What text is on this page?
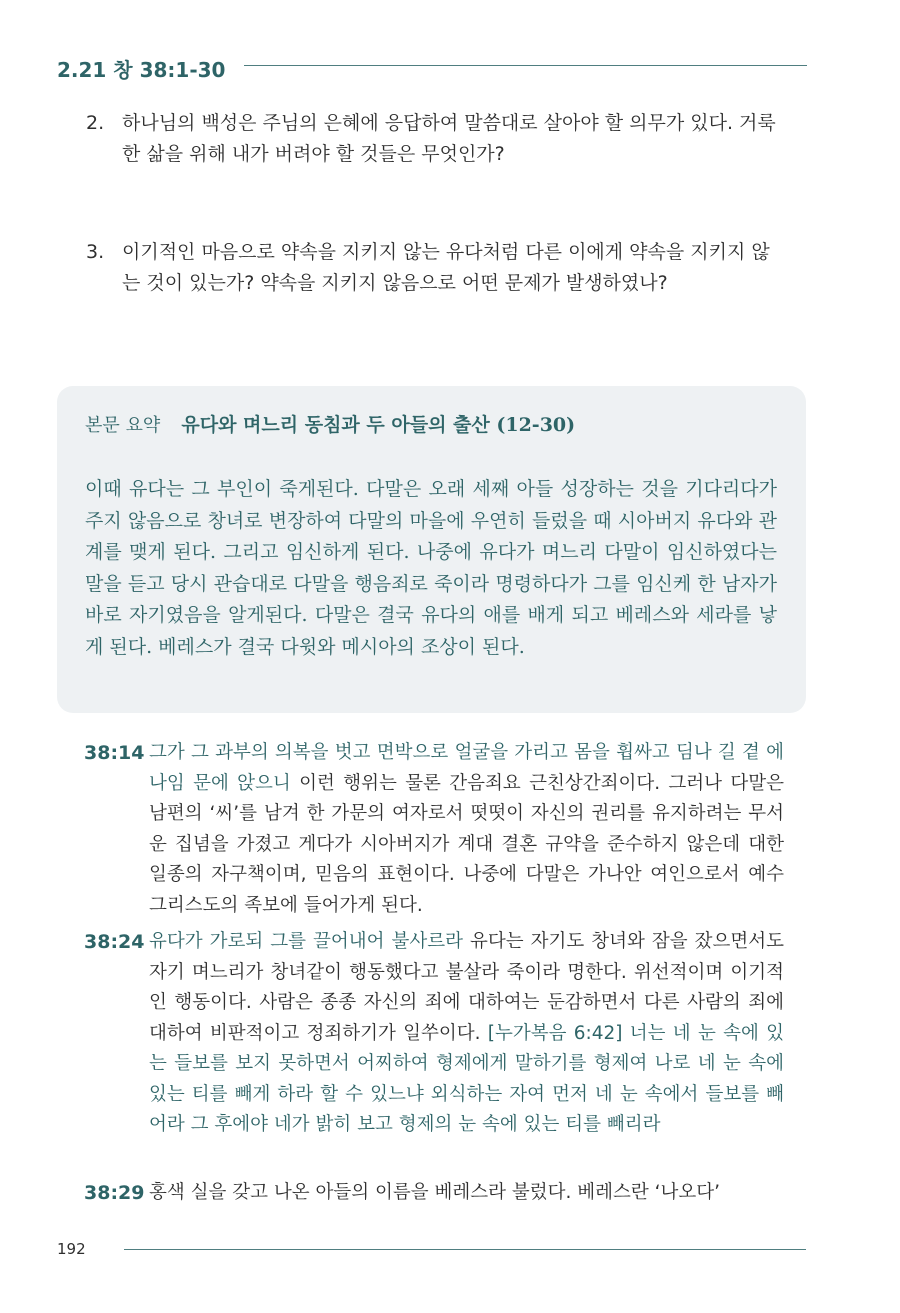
2.21 창 38:1-30
2. 하나님의 백성은 주님의 은혜에 응답하여 말씀대로 살아야 할 의무가 있다. 거룩한 삶을 위해 내가 버려야 할 것들은 무엇인가?
3. 이기적인 마음으로 약속을 지키지 않는 유다처럼 다른 이에게 약속을 지키지 않는 것이 있는가? 약속을 지키지 않음으로 어떤 문제가 발생하였나?
본문 요약 유다와 며느리 동침과 두 아들의 출산 (12-30)
이때 유다는 그 부인이 죽게된다. 다말은 오래 세째 아들 성장하는 것을 기다리다가 주지 않음으로 창녀로 변장하여 다말의 마을에 우연히 들렀을 때 시아버지 유다와 관계를 맺게 된다. 그리고 임신하게 된다. 나중에 유다가 며느리 다말이 임신하였다는 말을 듣고 당시 관습대로 다말을 행음죄로 죽이라 명령하다가 그를 임신케 한 남자가 바로 자기였음을 알게된다. 다말은 결국 유다의 애를 배게 되고 베레스와 세라를 낳게 된다. 베레스가 결국 다윗와 메시아의 조상이 된다.
38:14 그가 그 과부의 의복을 벗고 면박으로 얼굴을 가리고 몸을 휩싸고 딤나 길 곁 에나임 문에 앉으니 이런 행위는 물론 간음죄요 근친상간죄이다. 그러나 다말은 남편의 ‘씨’를 남겨 한 가문의 여자로서 떳떳이 자신의 권리를 유지하려는 무서운 집념을 가졌고 게다가 시아버지가 계대 결혼 규약을 준수하지 않은데 대한 일종의 자구책이며, 믿음의 표현이다. 나중에 다말은 가나안 여인으로서 예수 그리스도의 족보에 들어가게 된다.
38:24 유다가 가로되 그를 끌어내어 불사르라 유다는 자기도 창녀와 잠을 잤으면서도 자기 며느리가 창녀같이 행동했다고 불살라 죽이라 명한다. 위선적이며 이기적인 행동이다. 사람은 종종 자신의 죄에 대하여는 둔감하면서 다른 사람의 죄에 대하여 비판적이고 정죄하기가 일쑤이다. [누가복음 6:42] 너는 네 눈 속에 있는 들보를 보지 못하면서 어찌하여 형제에게 말하기를 형제여 나로 네 눈 속에 있는 티를 빼게 하라 할 수 있느냐 외식하는 자여 먼저 네 눈 속에서 들보를 빼어라 그 후에야 네가 밝히 보고 형제의 눈 속에 있는 티를 빼리라
38:29 홍색 실을 갖고 나온 아들의 이름을 베레스라 불렀다. 베레스란 ‘나오다’
192
